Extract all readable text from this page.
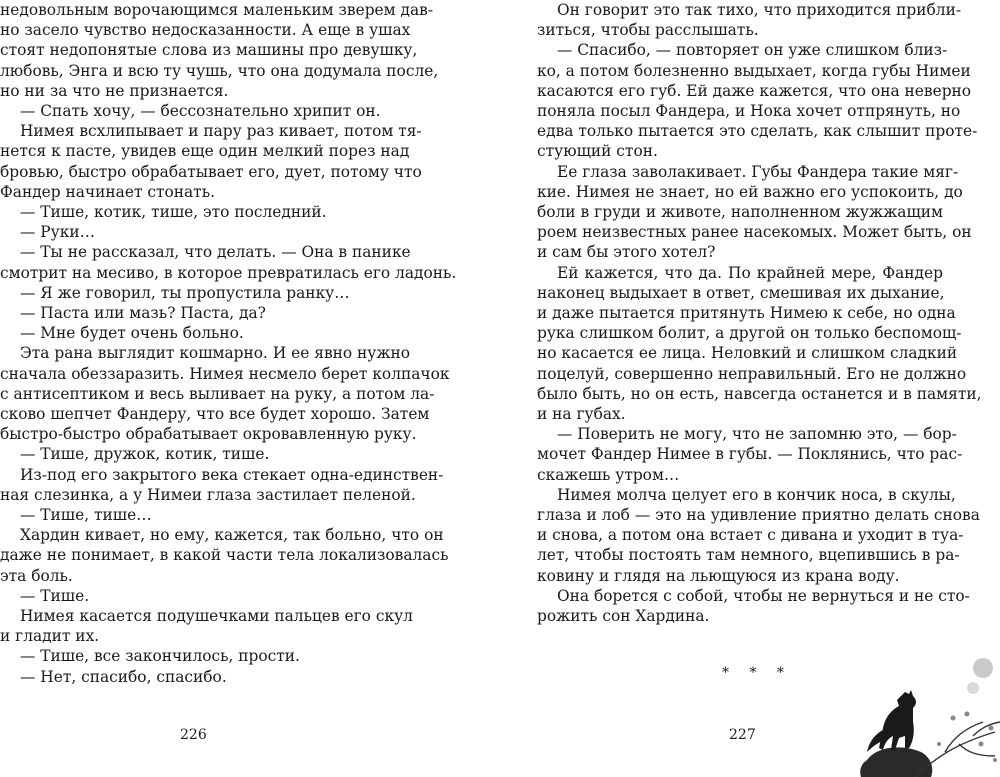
недовольным ворочающимся маленьким зверем дав-
но засело чувство недосказанности. А еще в ушах
стоят недопонятые слова из машины про девушку,
любовь, Энга и всю ту чушь, что она додумала после,
но ни за что не признается.
— Спать хочу, — бессознательно хрипит он.
Нимея всхлипывает и пару раз кивает, потом тя-
нется к пасте, увидев еще один мелкий порез над
бровью, быстро обрабатывает его, дует, потому что
Фандер начинает стонать.
— Тише, котик, тише, это последний.
— Руки…
— Ты не рассказал, что делать. — Она в панике
смотрит на месиво, в которое превратилась его ладонь.
— Я же говорил, ты пропустила ранку…
— Паста или мазь? Паста, да?
— Мне будет очень больно.
Эта рана выглядит кошмарно. И ее явно нужно
сначала обеззаразить. Нимея несмело берет колпачок
с антисептиком и весь выливает на руку, а потом ла-
сково шепчет Фандеру, что все будет хорошо. Затем
быстро-быстро обрабатывает окровавленную руку.
— Тише, дружок, котик, тише.
Из-под его закрытого века стекает одна-единствен-
ная слезинка, а у Нимеи глаза застилает пеленой.
— Тише, тише…
Хардин кивает, но ему, кажется, так больно, что он
даже не понимает, в какой части тела локализовалась
эта боль.
— Тише.
Нимея касается подушечками пальцев его скул
и гладит их.
— Тише, все закончилось, прости.
— Нет, спасибо, спасибо.
226
Он говорит это так тихо, что приходится прибли-
зиться, чтобы расслышать.
— Спасибо, — повторяет он уже слишком близ-
ко, а потом болезненно выдыхает, когда губы Нимеи
касаются его губ. Ей даже кажется, что она неверно
поняла посыл Фандера, и Нока хочет отпрянуть, но
едва только пытается это сделать, как слышит проте-
стующий стон.
Ее глаза заволакивает. Губы Фандера такие мяг-
кие. Нимея не знает, но ей важно его успокоить, до
боли в груди и животе, наполненном жужжащим
роем неизвестных ранее насекомых. Может быть, он
и сам бы этого хотел?
Ей кажется, что да. По крайней мере, Фандер
наконец выдыхает в ответ, смешивая их дыхание,
и даже пытается притянуть Нимею к себе, но одна
рука слишком болит, а другой он только беспомощ-
но касается ее лица. Неловкий и слишком сладкий
поцелуй, совершенно неправильный. Его не должно
было быть, но он есть, навсегда останется и в памяти,
и на губах.
— Поверить не могу, что не запомню это, — бор-
мочет Фандер Нимее в губы. — Поклянись, что рас-
скажешь утром…
Нимея молча целует его в кончик носа, в скулы,
глаза и лоб — это на удивление приятно делать снова
и снова, а потом она встает с дивана и уходит в туа-
лет, чтобы постоять там немного, вцепившись в ра-
ковину и глядя на льющуюся из крана воду.
Она борется с собой, чтобы не вернуться и не сто-
рожить сон Хардина.
* * *
227
